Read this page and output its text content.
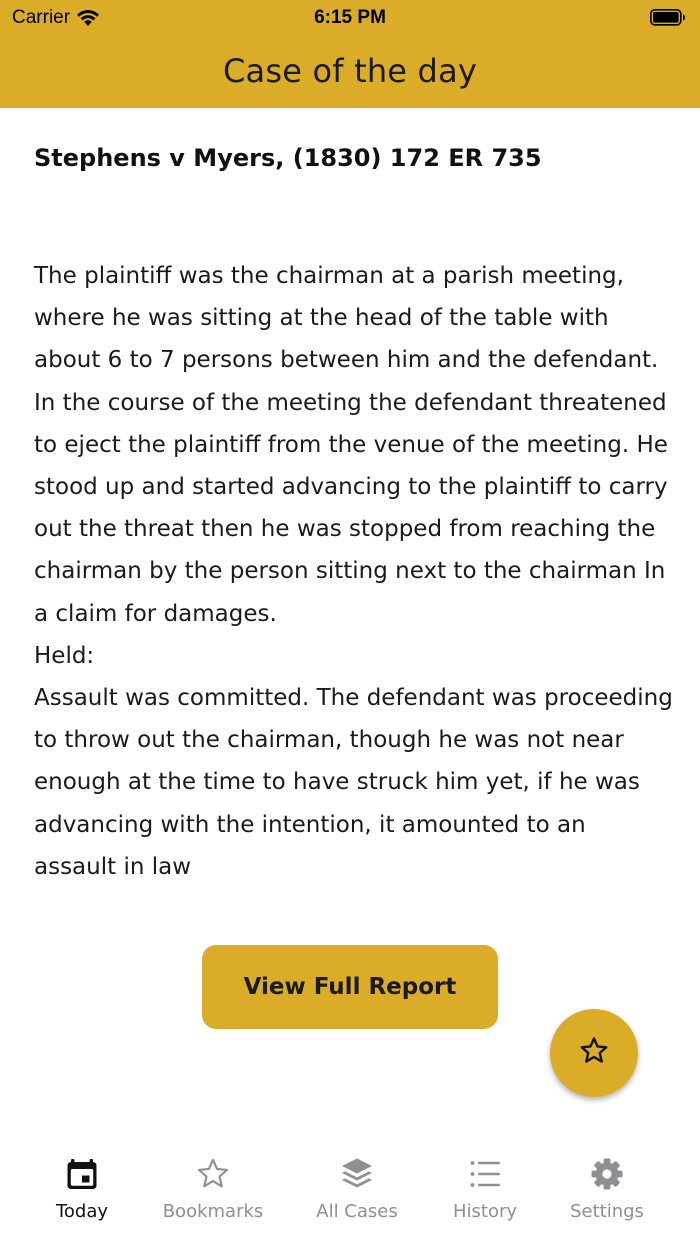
Carrier	6:15 PM
Case of the day
Stephens v Myers, (1830) 172 ER 735

The plaintiff was the chairman at a parish meeting, where he was sitting at the head of the table with about 6 to 7 persons between him and the defendant. In the course of the meeting the defendant threatened to eject the plaintiff from the venue of the meeting. He stood up and started advancing to the plaintiff to carry out the threat then he was stopped from reaching the chairman by the person sitting next to the chairman In a claim for damages.
Held:
Assault was committed. The defendant was proceeding to throw out the chairman, though he was not near enough at the time to have struck him yet, if he was advancing with the intention, it amounted to an assault in law

View Full Report
Today	Bookmarks	All Cases	History	Settings
